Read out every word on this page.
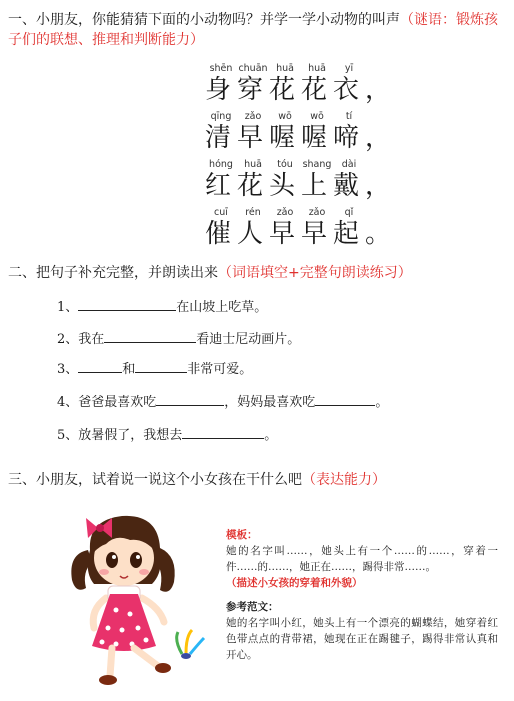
一、小朋友，你能猜猜下面的小动物吗？并学一学小动物的叫声（谜语：锻炼孩子们的联想、推理和判断能力）
shēn chuān huā	huā	yī
身穿花花衣，
qīng	zǎo	wō	wō	tí
清早喔喔啼，
hóng	huā	tóu	shang	dài
红花头上戴，
cuī	rén	zǎo	zǎo	qǐ
催人早早起。
二、把句子补充完整，并朗读出来（词语填空+完整句朗读练习）
1、	在山坡上吃草。
2、我在	看迪士尼动画片。
3、	和	非常可爱。
4、爸爸最喜欢吃	，妈妈最喜欢吃	。
5、放暑假了，我想去	。
三、小朋友，试着说一说这个小女孩在干什么吧（表达能力）
模板：
她的名字叫……，她头上有一个……的……，穿着一件……的……，她正在……，踢得非常……。
（描述小女孩的穿着和外貌）
参考范文：
她的名字叫小红，她头上有一个漂亮的蝴蝶结，她穿着红色带点点的背带裙，她现在正在踢毽子，踢得非常认真和开心。
